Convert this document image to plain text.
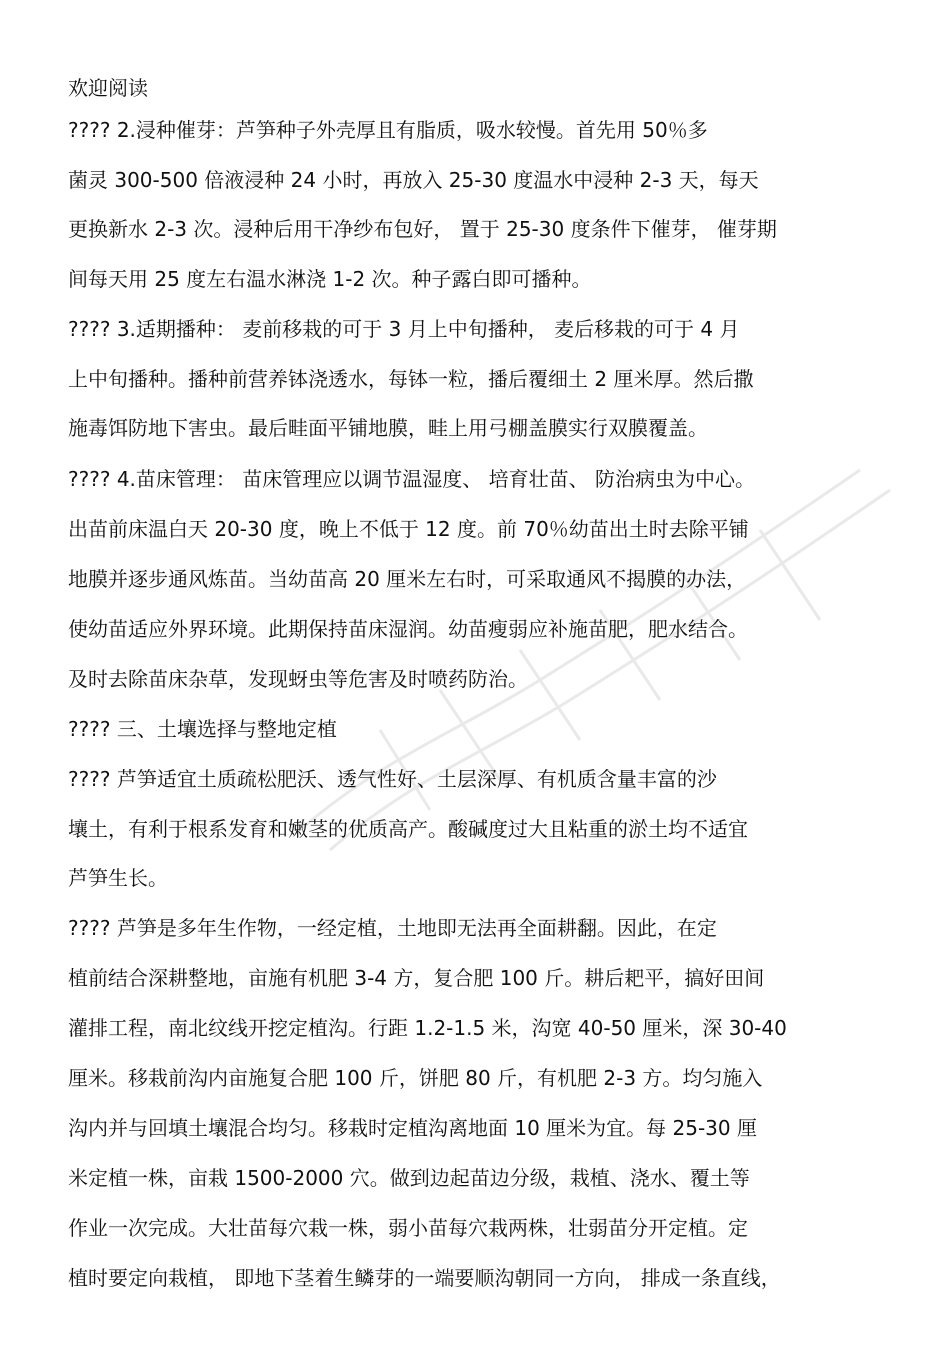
欢迎阅读
???? 2.浸种催芽：芦笋种子外壳厚且有脂质，吸水较慢。首先用 50％多
菌灵 300-500 倍液浸种 24 小时，再放入 25-30 度温水中浸种 2-3 天，每天
更换新水 2-3 次。浸种后用干净纱布包好， 置于 25-30 度条件下催芽， 催芽期
间每天用 25 度左右温水淋浇 1-2 次。种子露白即可播种。
???? 3.适期播种： 麦前移栽的可于 3 月上中旬播种， 麦后移栽的可于 4 月
上中旬播种。播种前营养钵浇透水，每钵一粒，播后覆细土 2 厘米厚。然后撒
施毒饵防地下害虫。最后畦面平铺地膜，畦上用弓棚盖膜实行双膜覆盖。
???? 4.苗床管理： 苗床管理应以调节温湿度、 培育壮苗、 防治病虫为中心。
出苗前床温白天 20-30 度，晚上不低于 12 度。前 70％幼苗出土时去除平铺
地膜并逐步通风炼苗。当幼苗高 20 厘米左右时，可采取通风不揭膜的办法，
使幼苗适应外界环境。此期保持苗床湿润。幼苗瘦弱应补施苗肥，肥水结合。
及时去除苗床杂草，发现蚜虫等危害及时喷药防治。
???? 三、土壤选择与整地定植
???? 芦笋适宜土质疏松肥沃、透气性好、土层深厚、有机质含量丰富的沙
壤土，有利于根系发育和嫩茎的优质高产。酸碱度过大且粘重的淤土均不适宜
芦笋生长。
???? 芦笋是多年生作物，一经定植，土地即无法再全面耕翻。因此，在定
植前结合深耕整地，亩施有机肥 3-4 方，复合肥 100 斤。耕后耙平，搞好田间
灌排工程，南北纹线开挖定植沟。行距 1.2-1.5 米，沟宽 40-50 厘米，深 30-40
厘米。移栽前沟内亩施复合肥 100 斤，饼肥 80 斤，有机肥 2-3 方。均匀施入
沟内并与回填土壤混合均匀。移栽时定植沟离地面 10 厘米为宜。每 25-30 厘
米定植一株，亩栽 1500-2000 穴。做到边起苗边分级，栽植、浇水、覆土等
作业一次完成。大壮苗每穴栽一株，弱小苗每穴栽两株，壮弱苗分开定植。定
植时要定向栽植， 即地下茎着生鳞芽的一端要顺沟朝同一方向， 排成一条直线，
